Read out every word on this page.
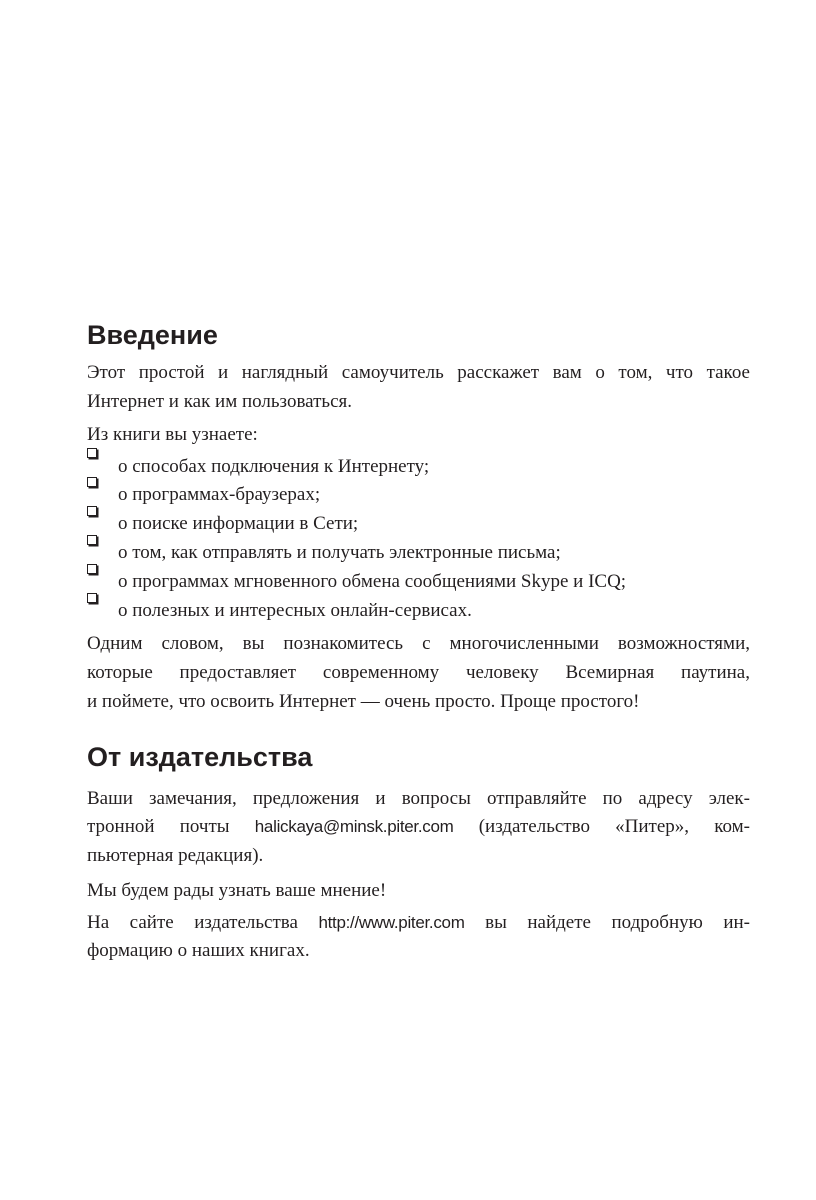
Введение
Этот простой и наглядный самоучитель расскажет вам о том, что такое
Интернет и как им пользоваться.
Из книги вы узнаете:
о способах подключения к Интернету;
о программах-браузерах;
о поиске информации в Сети;
о том, как отправлять и получать электронные письма;
о программах мгновенного обмена сообщениями Skype и ICQ;
о полезных и интересных онлайн-сервисах.
Одним словом, вы познакомитесь с многочисленными возможностями,
которые предоставляет современному человеку Всемирная паутина,
и поймете, что освоить Интернет — очень просто. Проще простого!
От издательства
Ваши замечания, предложения и вопросы отправляйте по адресу элек-
тронной почты halickaya@minsk.piter.com (издательство «Питер», ком-
пьютерная редакция).
Мы будем рады узнать ваше мнение!
На сайте издательства http://www.piter.com вы найдете подробную ин-
формацию о наших книгах.
